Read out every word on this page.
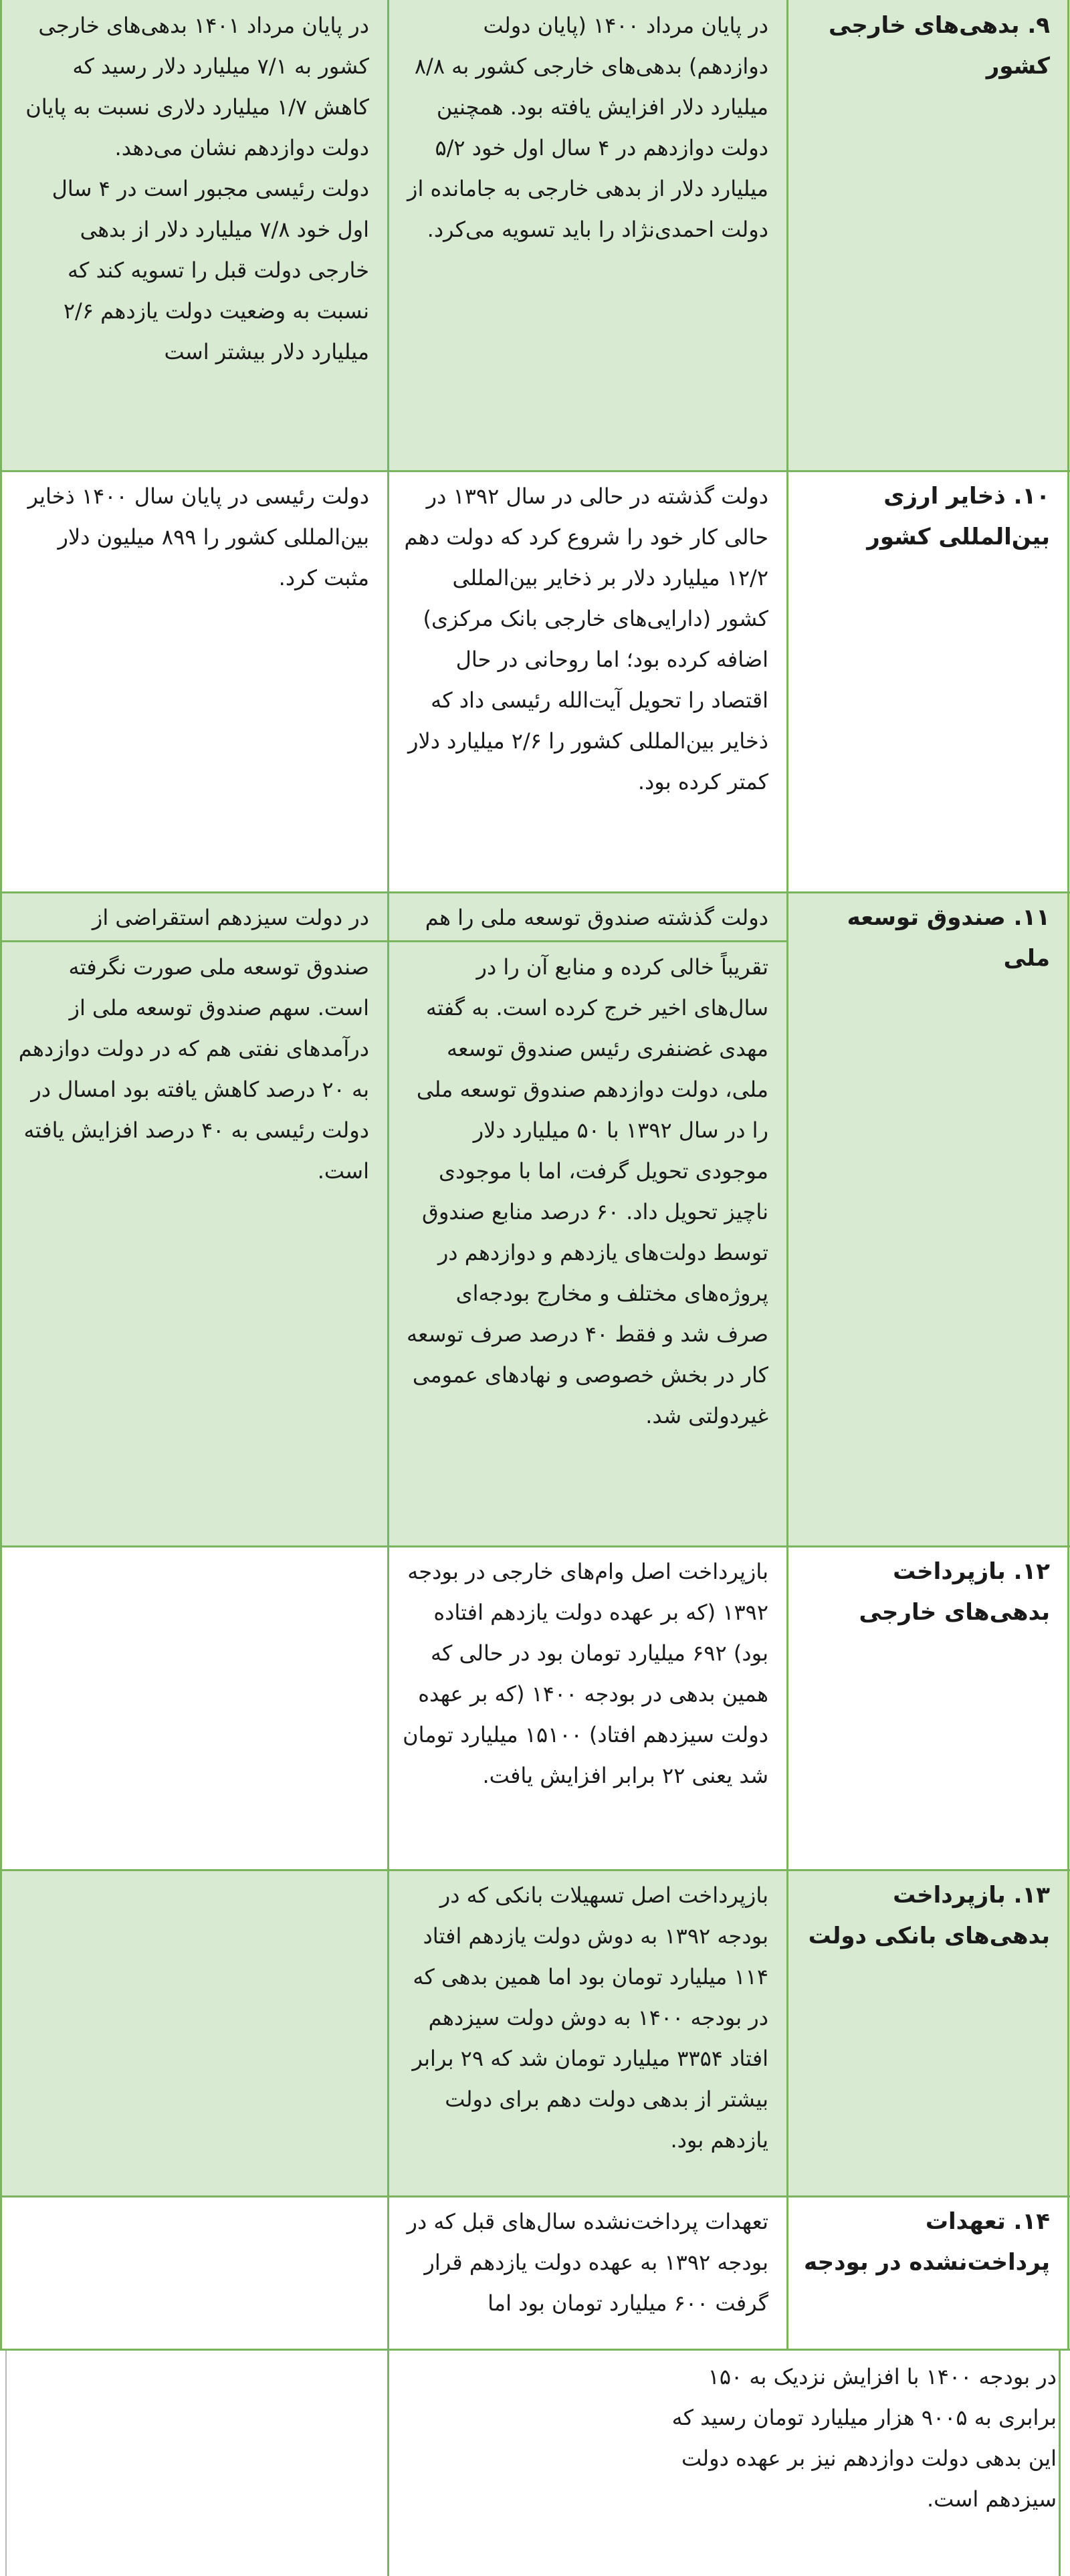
۹. بدهی‌های خارجی کشور
در پایان مرداد ۱۴۰۰ (پایان دولت دوازدهم) بدهی‌های خارجی کشور به ۸/۸ میلیارد دلار افزایش یافته بود. همچنین دولت دوازدهم در ۴ سال اول خود ۵/۲ میلیارد دلار از بدهی خارجی به جامانده از دولت احمدی‌نژاد را باید تسویه می‌کرد.
در پایان مرداد ۱۴۰۱ بدهی‌های خارجی کشور به ۷/۱ میلیارد دلار رسید که کاهش ۱/۷ میلیارد دلاری نسبت به پایان دولت دوازدهم نشان می‌دهد.
دولت رئیسی مجبور است در ۴ سال اول خود ۷/۸ میلیارد دلار از بدهی خارجی دولت قبل را تسویه کند که نسبت به وضعیت دولت یازدهم ۲/۶ میلیارد دلار بیشتر است
۱۰. ذخایر ارزی بین‌المللی کشور
دولت گذشته در حالی در سال ۱۳۹۲ در حالی کار خود را شروع کرد که دولت دهم ۱۲/۲ میلیارد دلار بر ذخایر بین‌المللی کشور (دارایی‌های خارجی بانک مرکزی) اضافه کرده بود؛ اما روحانی در حال اقتصاد را تحویل آیت‌الله رئیسی داد که ذخایر بین‌المللی کشور را ۲/۶ میلیارد دلار کمتر کرده بود.
دولت رئیسی در پایان سال ۱۴۰۰ ذخایر بین‌المللی کشور را ۸۹۹ میلیون دلار مثبت کرد.
۱۱. صندوق توسعه ملی
دولت گذشته صندوق توسعه ملی را هم
تقریباً خالی کرده و منابع آن را در سال‌های اخیر خرج کرده است. به گفته مهدی غضنفری رئیس صندوق توسعه ملی، دولت دوازدهم صندوق توسعه ملی را در سال ۱۳۹۲ با ۵۰ میلیارد دلار موجودی تحویل گرفت، اما با موجودی ناچیز تحویل داد. ۶۰ درصد منابع صندوق توسط دولت‌های یازدهم و دوازدهم در پروژه‌های مختلف و مخارج بودجه‌ای صرف شد و فقط ۴۰ درصد صرف توسعه کار در بخش خصوصی و نهادهای عمومی غیردولتی شد.
در دولت سیزدهم استقراضی از
صندوق توسعه ملی صورت نگرفته است. سهم صندوق توسعه ملی از درآمدهای نفتی هم که در دولت دوازدهم به ۲۰ درصد کاهش یافته بود امسال در دولت رئیسی به ۴۰ درصد افزایش یافته است.
۱۲. بازپرداخت بدهی‌های خارجی
بازپرداخت اصل وام‌های خارجی در بودجه ۱۳۹۲ (که بر عهده دولت یازدهم افتاده بود) ۶۹۲ میلیارد تومان بود در حالی که همین بدهی در بودجه ۱۴۰۰ (که بر عهده دولت سیزدهم افتاد) ۱۵۱۰۰ میلیارد تومان شد یعنی ۲۲ برابر افزایش یافت.
۱۳. بازپرداخت بدهی‌های بانکی دولت
بازپرداخت اصل تسهیلات بانکی که در بودجه ۱۳۹۲ به دوش دولت یازدهم افتاد ۱۱۴ میلیارد تومان بود اما همین بدهی که در بودجه ۱۴۰۰ به دوش دولت سیزدهم افتاد ۳۳۵۴ میلیارد تومان شد که ۲۹ برابر بیشتر از بدهی دولت دهم برای دولت یازدهم بود.
۱۴. تعهدات پرداخت‌نشده در بودجه
تعهدات پرداخت‌نشده سال‌های قبل که در بودجه ۱۳۹۲ به عهده دولت یازدهم قرار گرفت ۶۰۰ میلیارد تومان بود اما
در بودجه ۱۴۰۰ با افزایش نزدیک به ۱۵۰ برابری به ۹۰۰۵ هزار میلیارد تومان رسید که این بدهی دولت دوازدهم نیز بر عهده دولت سیزدهم است.
